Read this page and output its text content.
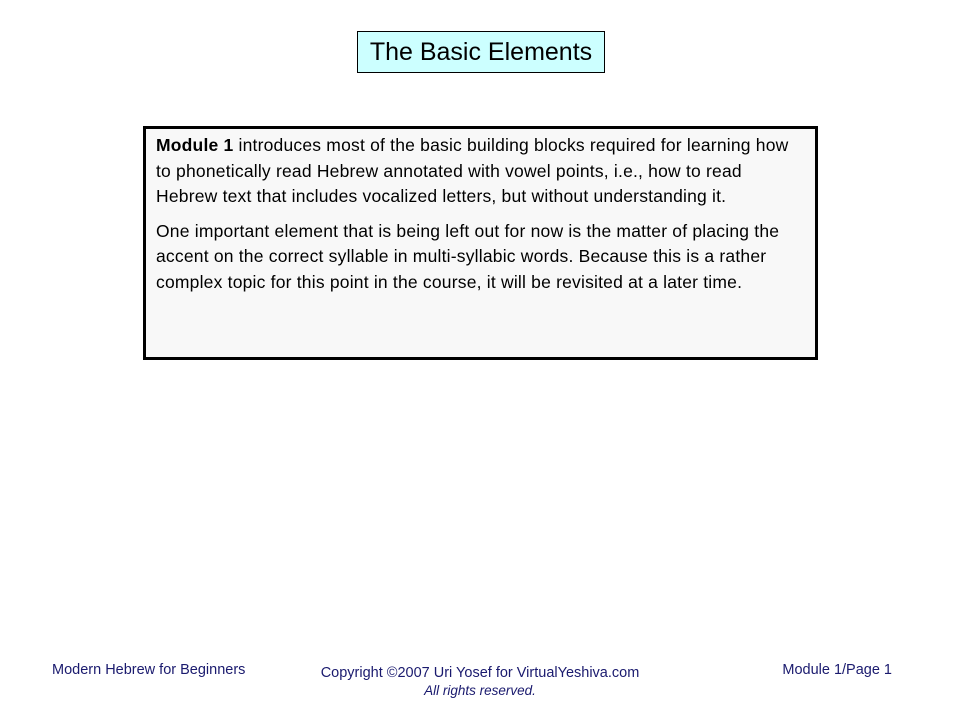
The Basic Elements

Module 1 introduces most of the basic building blocks required for learning how to phonetically read Hebrew annotated with vowel points, i.e., how to read Hebrew text that includes vocalized letters, but without understanding it.

One important element that is being left out for now is the matter of placing the accent on the correct syllable in multi-syllabic words. Because this is a rather complex topic for this point in the course, it will be revisited at a later time.

Modern Hebrew for Beginners	Copyright ©2007 Uri Yosef for VirtualYeshiva.com
All rights reserved.
Module 1/Page 1
